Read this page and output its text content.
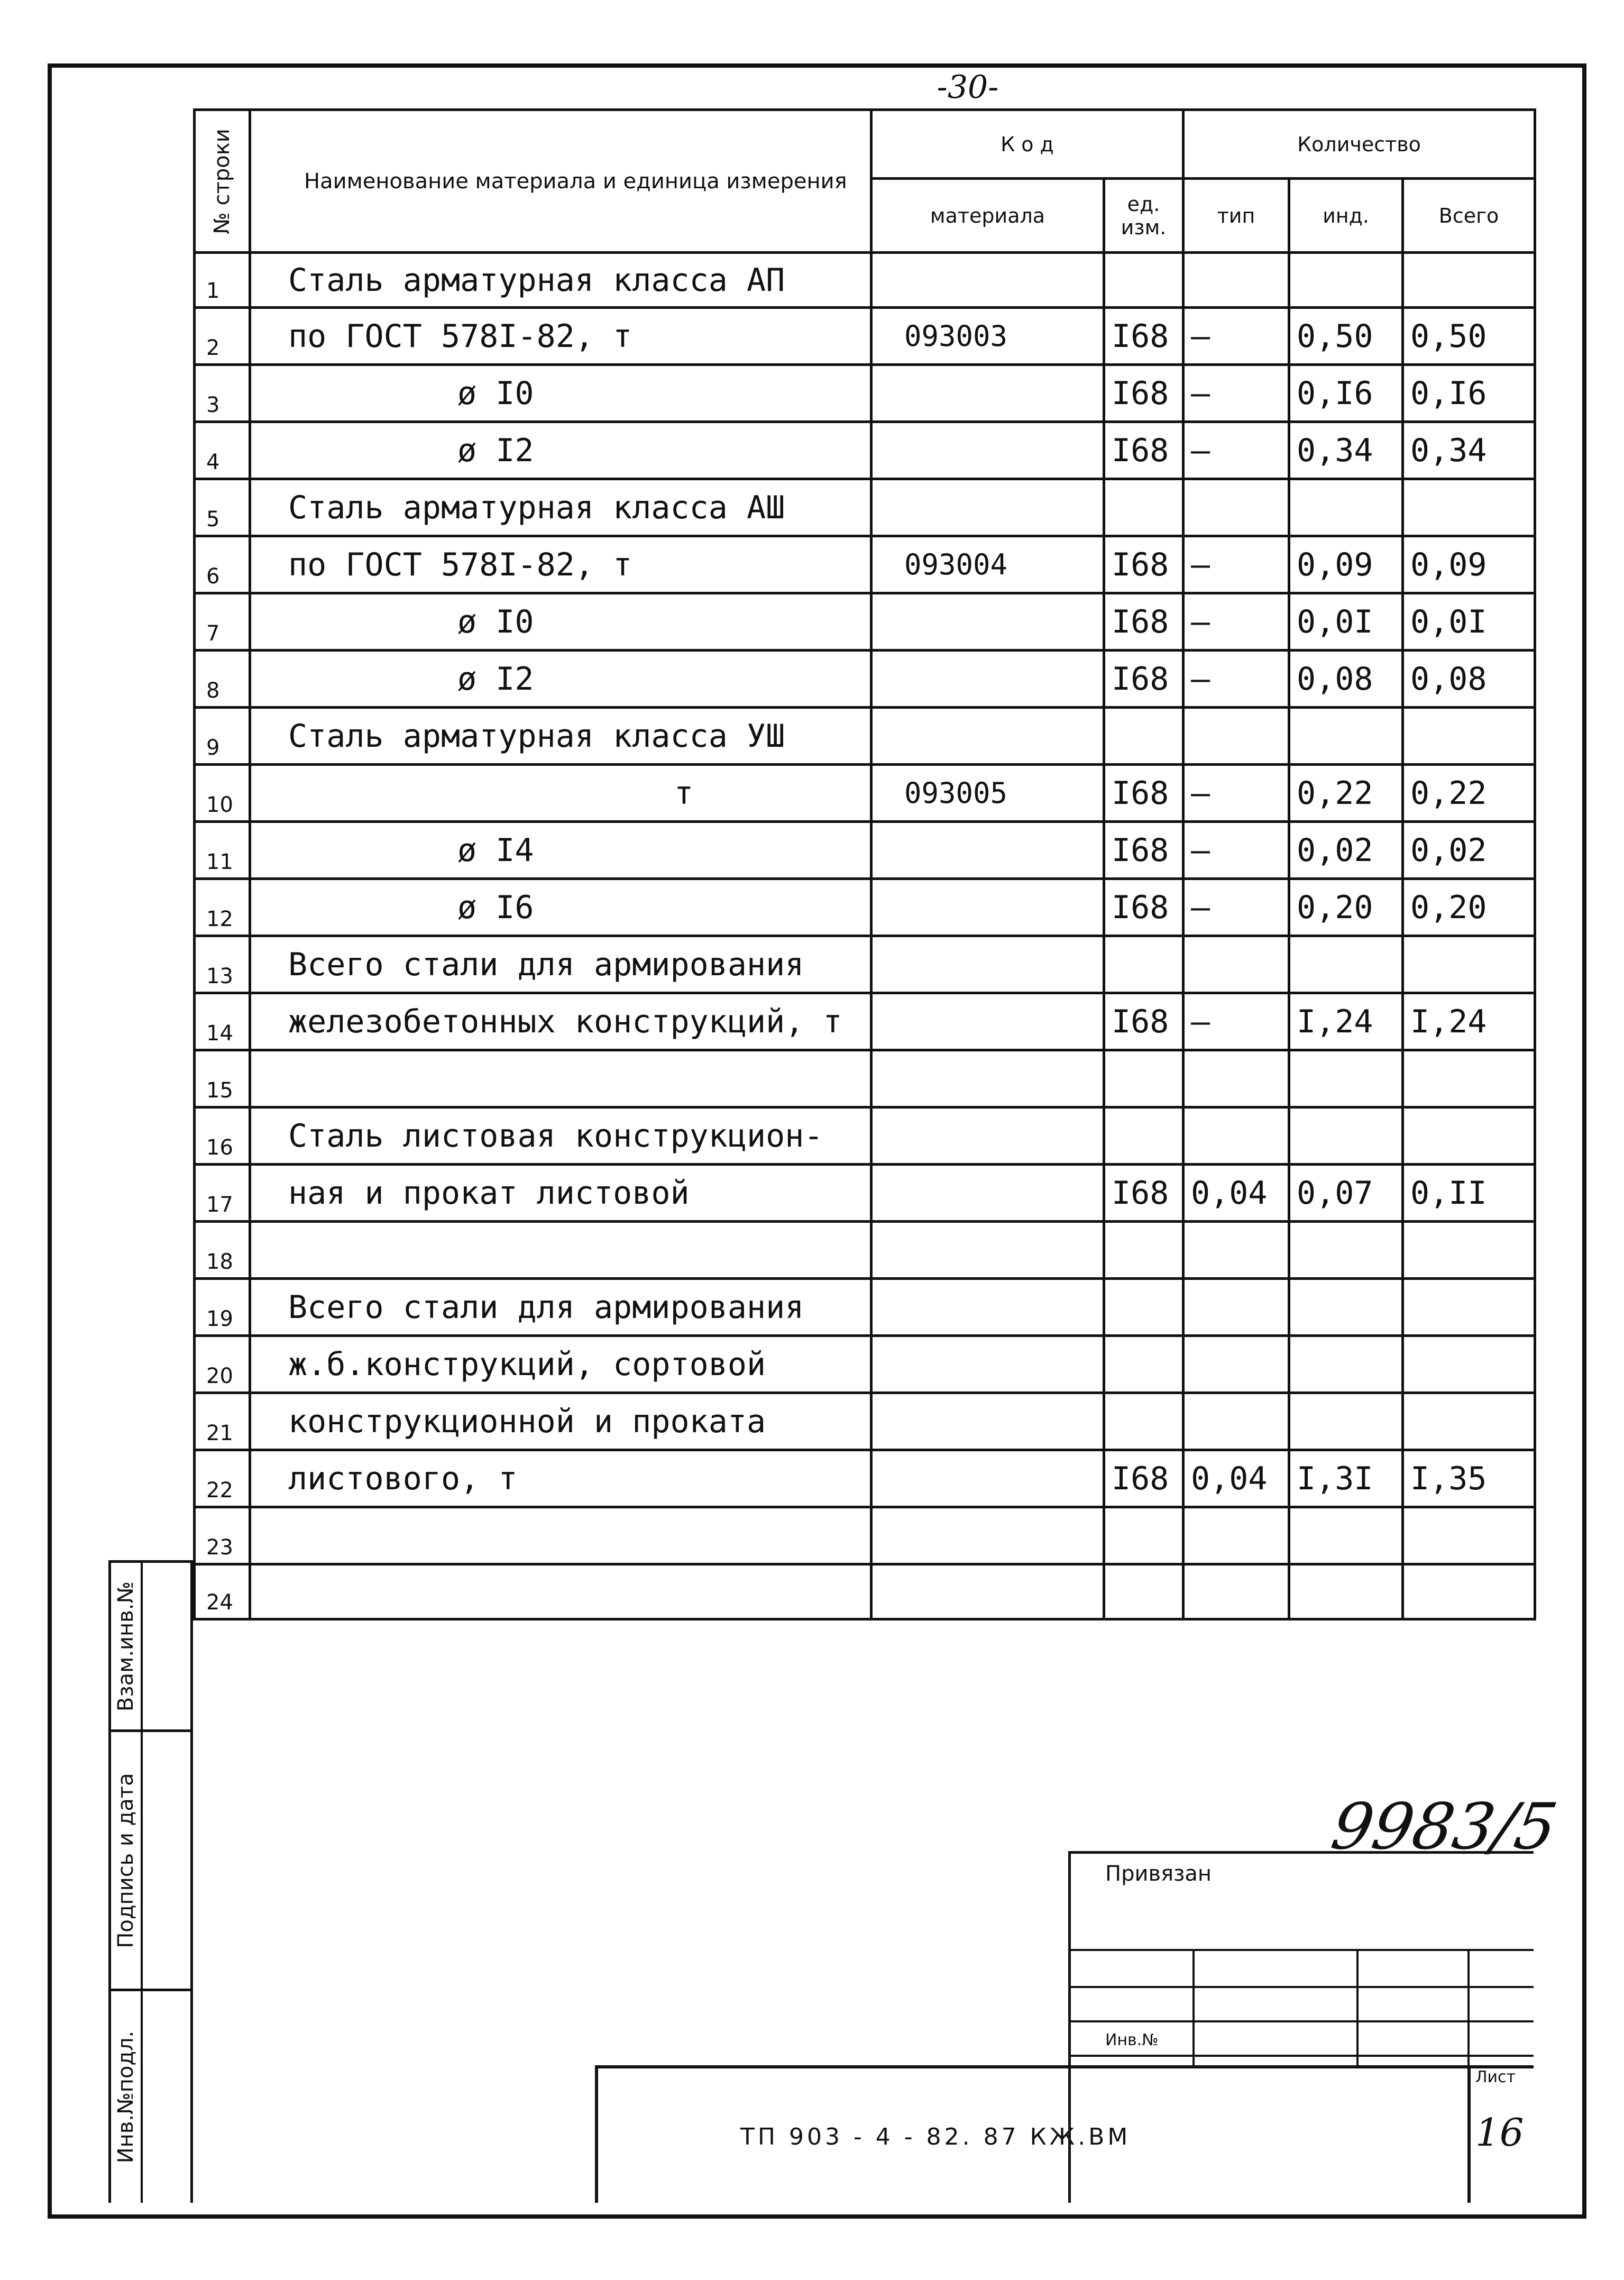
-30-
№ строки	Наименование материала и единица измерения	К о д		Количество		
		материала	ед. изм.	тип	инд.	Всего
1	Сталь арматурная класса АП					
2	по ГОСТ 578I-82, т	093003	I68	–	0,50	0,50
3	ø I0		I68	–	0,I6	0,I6
4	ø I2		I68	–	0,34	0,34
5	Сталь арматурная класса АШ					
6	по ГОСТ 578I-82, т	093004	I68	–	0,09	0,09
7	ø I0		I68	–	0,0I	0,0I
8	ø I2		I68	–	0,08	0,08
9	Сталь арматурная класса УШ					
10	т	093005	I68	–	0,22	0,22
11	ø I4		I68	–	0,02	0,02
12	ø I6		I68	–	0,20	0,20
13	Всего стали для армирования					
14	железобетонных конструкций, т		I68	–	I,24	I,24
15						
16	Сталь листовая конструкцион-					
17	ная и прокат листовой		I68	0,04	0,07	0,II
18						
19	Всего стали для армирования					
20	ж.б.конструкций, сортовой					
21	конструкционной и проката					
22	листового, т		I68	0,04	I,3I	I,35
23						
24						
Взам.инв.№
Подпись и дата
Инв.№подл.
9983/5
Привязан
Инв.№
ТП 903 - 4 - 82. 87 КЖ.ВМ
Лист
16
